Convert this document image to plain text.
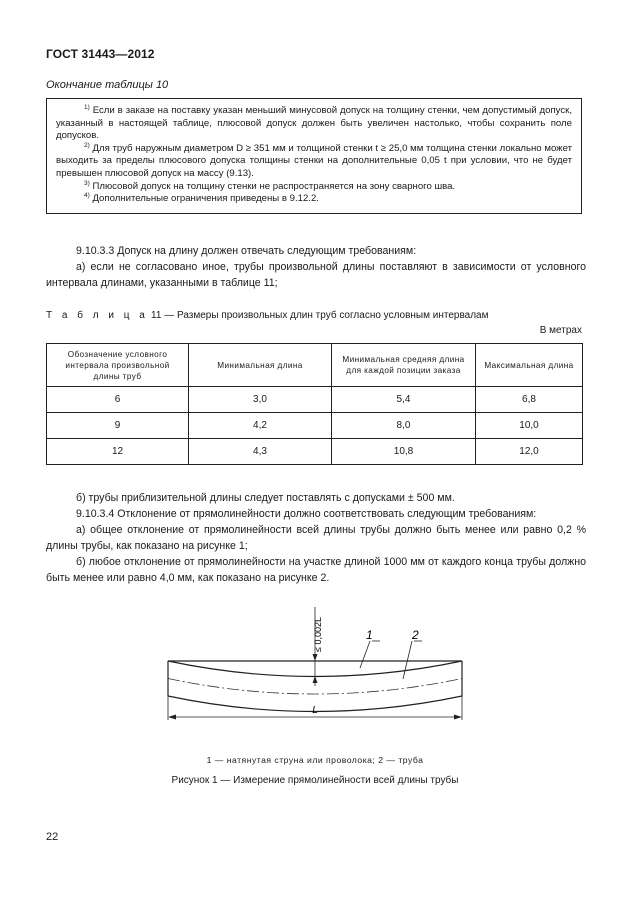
ГОСТ 31443—2012
Окончание таблицы 10

$^{1)}$ Если в заказе на поставку указан меньший минусовой допуск на толщину стенки, чем допустимый допуск, указанный в настоящей таблице, плюсовой допуск должен быть увеличен настолько, чтобы сохранить поле допусков.

$^{2)}$ Для труб наружным диаметром D ≥ 351 мм и толщиной стенки t ≥ 25,0 мм толщина стенки локально может выходить за пределы плюсового допуска толщины стенки на дополнительные 0,05 t при условии, что не будет превышен плюсовой допуск на массу (9.13).

$^{3)}$ Плюсовой допуск на толщину стенки не распространяется на зону сварного шва.

$^{4)}$ Дополнительные ограничения приведены в 9.12.2.

9.10.3.3 Допуск на длину должен отвечать следующим требованиям:

а) если не согласовано иное, трубы произвольной длины поставляют в зависимости от условного интервала длинами, указанными в таблице 11;

Т а б л и ц а 11 — Размеры произвольных длин труб согласно условным интервалам
В метрах
Обозначение условного интервала произвольной длины труб	Минимальная длина	Минимальная средняя длина для каждой позиции заказа	Максимальная длина
6	3,0	5,4	6,8
9	4,2	8,0	10,0
12	4,3	10,8	12,0

б) трубы приблизительной длины следует поставлять с допусками ± 500 мм.

9.10.3.4 Отклонение от прямолинейности должно соответствовать следующим требованиям:

а) общее отклонение от прямолинейности всей длины трубы должно быть менее или равно 0,2 % длины трубы, как показано на рисунке 1;

б) любое отклонение от прямолинейности на участке длиной 1000 мм от каждого конца трубы должно быть менее или равно 4,0 мм, как показано на рисунке 2.

L
≤ 0,002L	1	2
1 — натянутая струна или проволока; 2 — труба
Рисунок 1 — Измерение прямолинейности всей длины трубы
22
